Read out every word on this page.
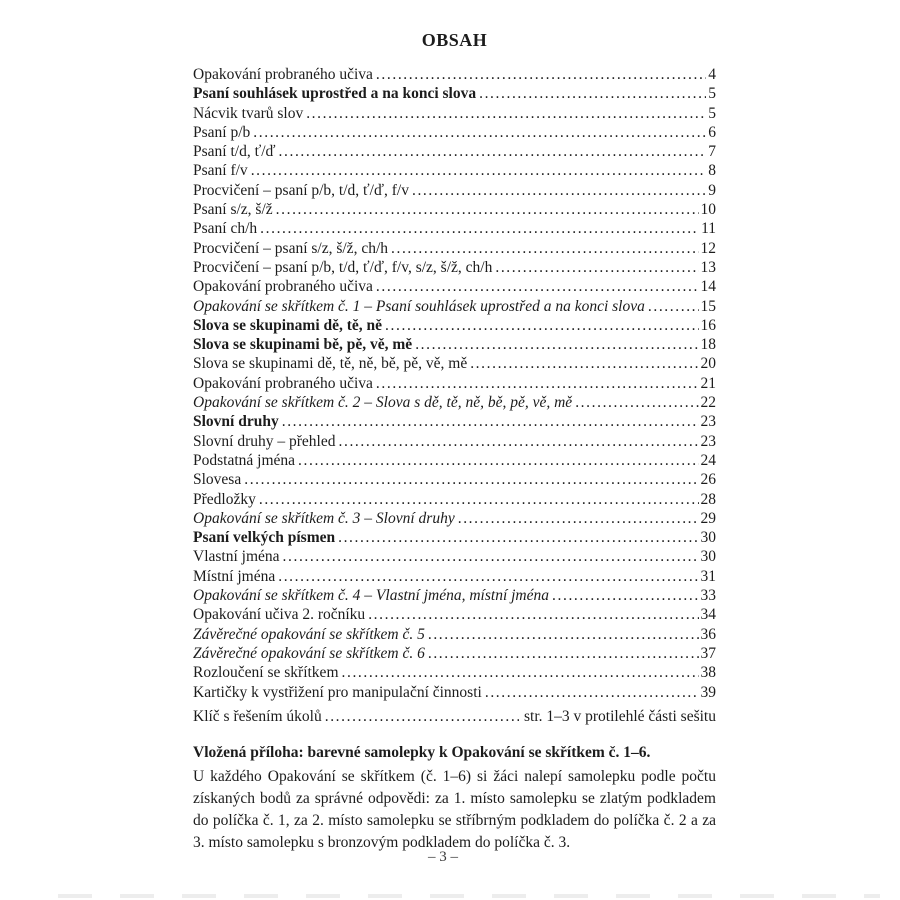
OBSAH
Opakování probraného učiva .....	4
Psaní souhlásek uprostřed a na konci slova .....	5
Nácvik tvarů slov .....	5
Psaní p/b .....	6
Psaní t/d, ť/ď .....	7
Psaní f/v .....	8
Procvičení – psaní p/b, t/d, ť/ď, f/v .....	9
Psaní s/z, š/ž .....	10
Psaní ch/h .....	11
Procvičení – psaní s/z, š/ž, ch/h .....	12
Procvičení – psaní p/b, t/d, ť/ď, f/v, s/z, š/ž, ch/h .....	13
Opakování probraného učiva .....	14
Opakování se skřítkem č. 1 – Psaní souhlásek uprostřed a na konci slova .....	15
Slova se skupinami dě, tě, ně .....	16
Slova se skupinami bě, pě, vě, mě .....	18
Slova se skupinami dě, tě, ně, bě, pě, vě, mě .....	20
Opakování probraného učiva .....	21
Opakování se skřítkem č. 2 – Slova s dě, tě, ně, bě, pě, vě, mě .....	22
Slovní druhy .....	23
Slovní druhy – přehled .....	23
Podstatná jména .....	24
Slovesa .....	26
Předložky .....	28
Opakování se skřítkem č. 3 – Slovní druhy .....	29
Psaní velkých písmen .....	30
Vlastní jména .....	30
Místní jména .....	31
Opakování se skřítkem č. 4 – Vlastní jména, místní jména .....	33
Opakování učiva 2. ročníku .....	34
Závěrečné opakování se skřítkem č. 5 .....	36
Závěrečné opakování se skřítkem č. 6 .....	37
Rozloučení se skřítkem .....	38
Kartičky k vystřižení pro manipulační činnosti .....	39
Klíč s řešením úkolů .....	str. 1–3 v protilehlé části sešitu

Vložená příloha: barevné samolepky k Opakování se skřítkem č. 1–6.

U každého Opakování se skřítkem (č. 1–6) si žáci nalepí samolepku podle počtu získaných bodů za správné odpovědi: za 1. místo samolepku se zlatým podkladem do políčka č. 1, za 2. místo samolepku se stříbrným podkladem do políčka č. 2 a za 3. místo samolepku s bronzovým podkladem do políčka č. 3.

– 3 –
